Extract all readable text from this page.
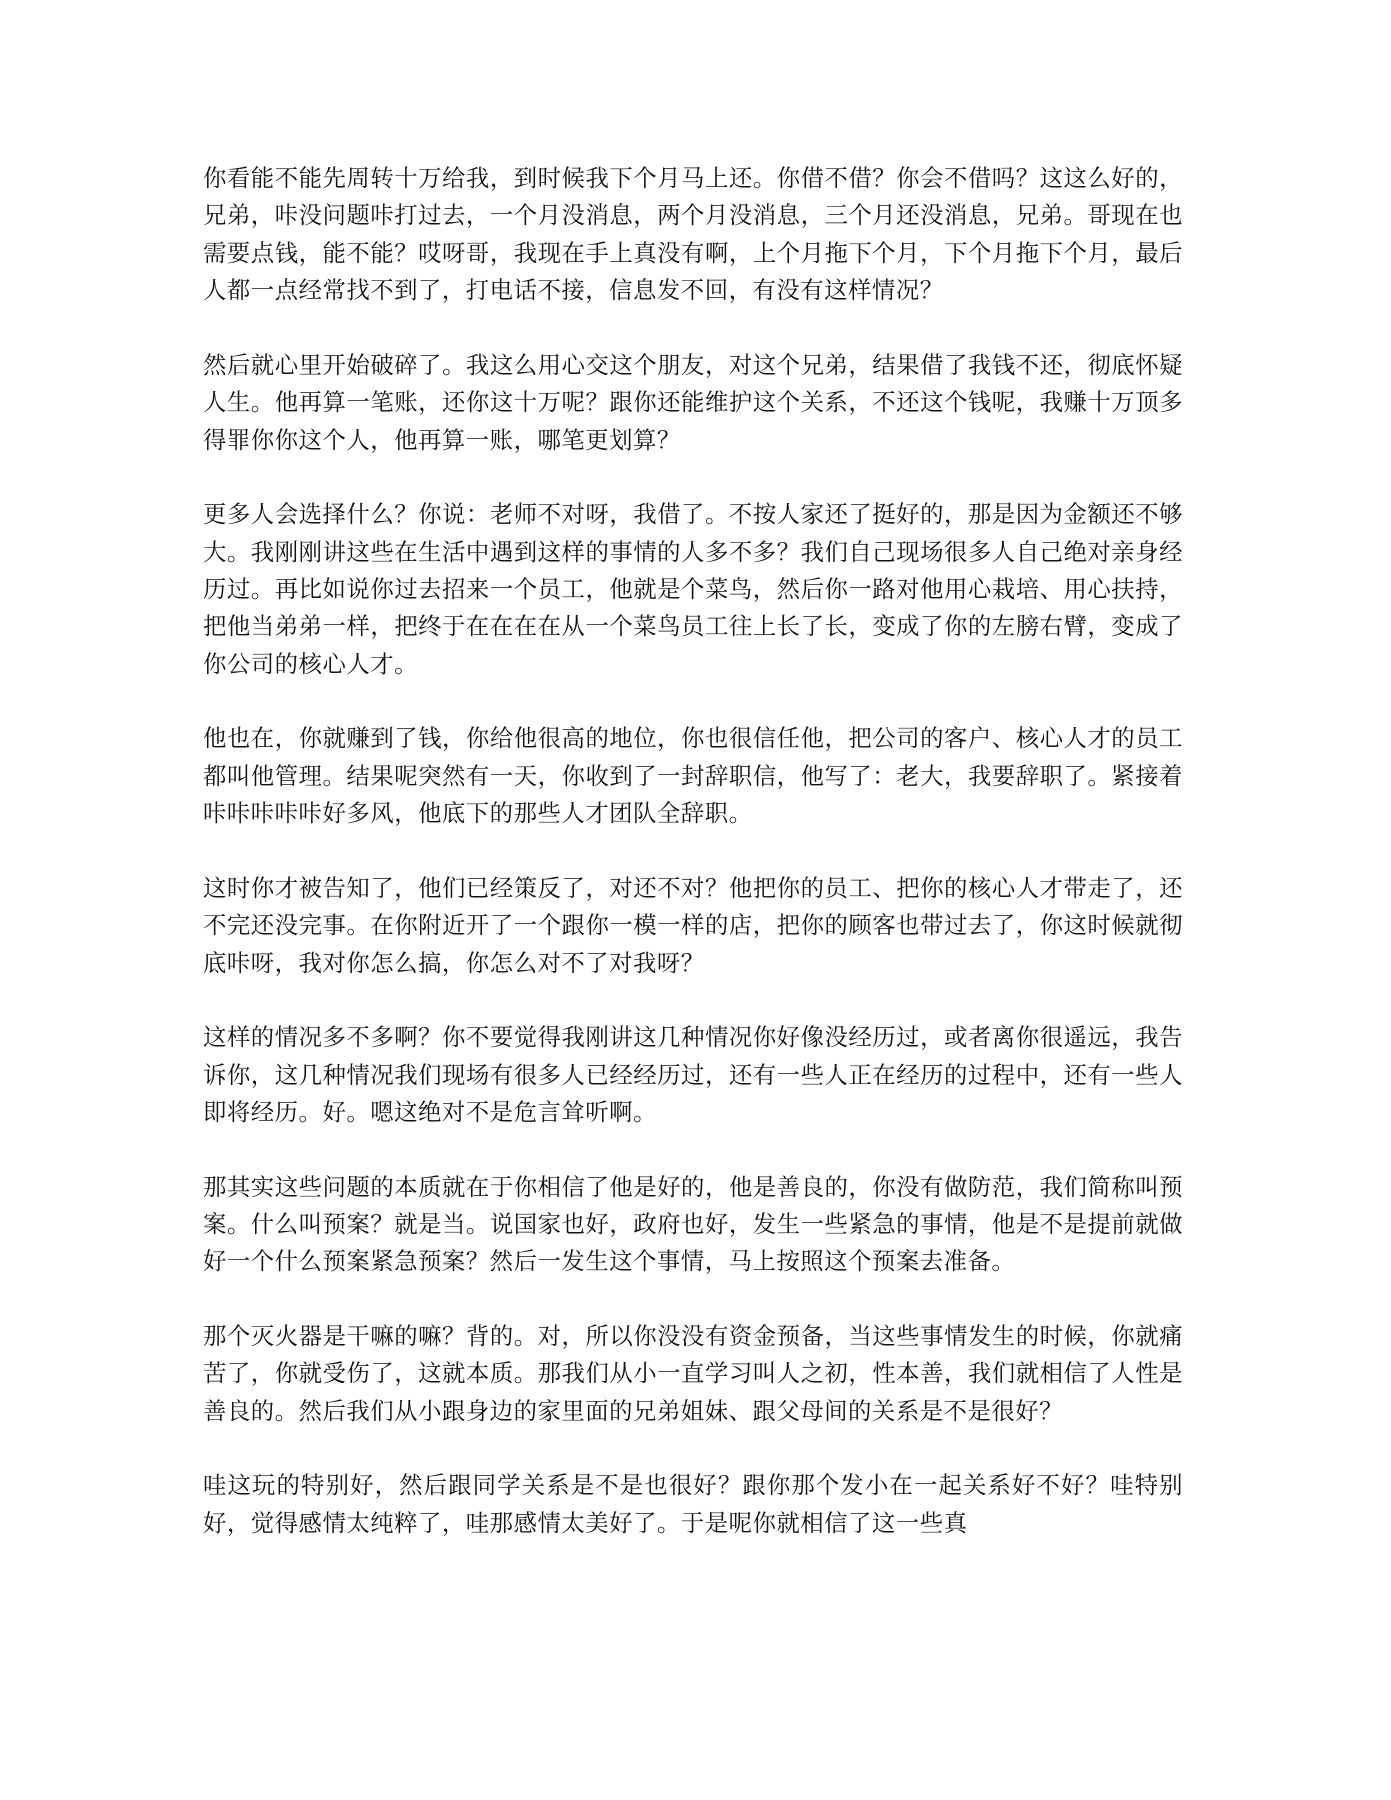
你看能不能先周转十万给我，到时候我下个月马上还。你借不借？你会不借吗？这这么好的，兄弟，咔没问题咔打过去，一个月没消息，两个月没消息，三个月还没消息，兄弟。哥现在也需要点钱，能不能？哎呀哥，我现在手上真没有啊，上个月拖下个月，下个月拖下个月，最后人都一点经常找不到了，打电话不接，信息发不回，有没有这样情况？

然后就心里开始破碎了。我这么用心交这个朋友，对这个兄弟，结果借了我钱不还，彻底怀疑人生。他再算一笔账，还你这十万呢？跟你还能维护这个关系，不还这个钱呢，我赚十万顶多得罪你你这个人，他再算一账，哪笔更划算？

更多人会选择什么？你说：老师不对呀，我借了。不按人家还了挺好的，那是因为金额还不够大。我刚刚讲这些在生活中遇到这样的事情的人多不多？我们自己现场很多人自己绝对亲身经历过。再比如说你过去招来一个员工，他就是个菜鸟，然后你一路对他用心栽培、用心扶持，把他当弟弟一样，把终于在在在在从一个菜鸟员工往上长了长，变成了你的左膀右臂，变成了你公司的核心人才。

他也在，你就赚到了钱，你给他很高的地位，你也很信任他，把公司的客户、核心人才的员工都叫他管理。结果呢突然有一天，你收到了一封辞职信，他写了：老大，我要辞职了。紧接着咔咔咔咔咔好多风，他底下的那些人才团队全辞职。

这时你才被告知了，他们已经策反了，对还不对？他把你的员工、把你的核心人才带走了，还不完还没完事。在你附近开了一个跟你一模一样的店，把你的顾客也带过去了，你这时候就彻底咔呀，我对你怎么搞，你怎么对不了对我呀？

这样的情况多不多啊？你不要觉得我刚讲这几种情况你好像没经历过，或者离你很遥远，我告诉你，这几种情况我们现场有很多人已经经历过，还有一些人正在经历的过程中，还有一些人即将经历。好。嗯这绝对不是危言耸听啊。

那其实这些问题的本质就在于你相信了他是好的，他是善良的，你没有做防范，我们简称叫预案。什么叫预案？就是当。说国家也好，政府也好，发生一些紧急的事情，他是不是提前就做好一个什么预案紧急预案？然后一发生这个事情，马上按照这个预案去准备。

那个灭火器是干嘛的嘛？背的。对，所以你没没有资金预备，当这些事情发生的时候，你就痛苦了，你就受伤了，这就本质。那我们从小一直学习叫人之初，性本善，我们就相信了人性是善良的。然后我们从小跟身边的家里面的兄弟姐妹、跟父母间的关系是不是很好？

哇这玩的特别好，然后跟同学关系是不是也很好？跟你那个发小在一起关系好不好？哇特别好，觉得感情太纯粹了，哇那感情太美好了。于是呢你就相信了这一些真
